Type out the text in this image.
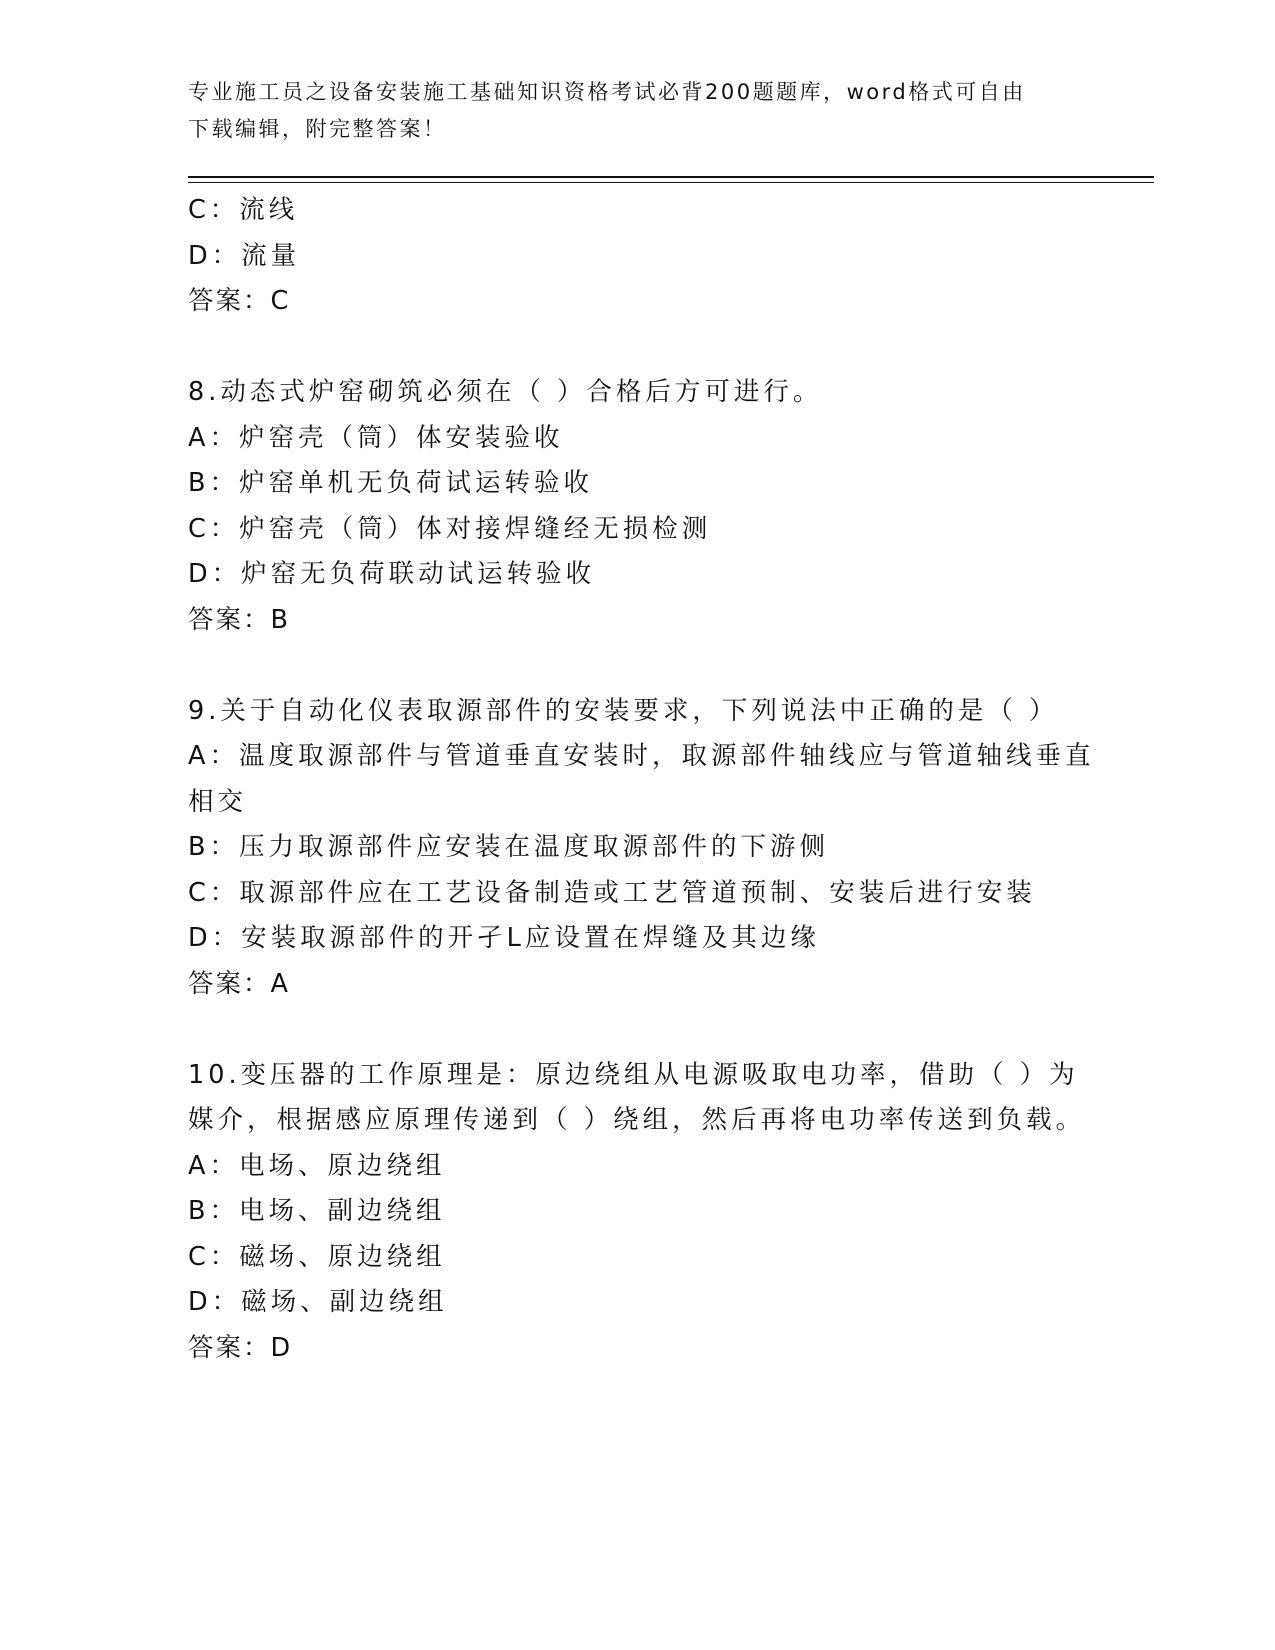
专业施工员之设备安装施工基础知识资格考试必背200题题库，word格式可自由

下载编辑，附完整答案！

C：流线

D：流量

答案：C

8.动态式炉窑砌筑必须在（ ）合格后方可进行。

A：炉窑壳（筒）体安装验收

B：炉窑单机无负荷试运转验收

C：炉窑壳（筒）体对接焊缝经无损检测

D：炉窑无负荷联动试运转验收

答案：B

9.关于自动化仪表取源部件的安装要求，下列说法中正确的是（ ）

A：温度取源部件与管道垂直安装时，取源部件轴线应与管道轴线垂直

相交

B：压力取源部件应安装在温度取源部件的下游侧

C：取源部件应在工艺设备制造或工艺管道预制、安装后进行安装

D：安装取源部件的开孑L应设置在焊缝及其边缘

答案：A

10.变压器的工作原理是：原边绕组从电源吸取电功率，借助（ ）为

媒介，根据感应原理传递到（ ）绕组，然后再将电功率传送到负载。

A：电场、原边绕组

B：电场、副边绕组

C：磁场、原边绕组

D：磁场、副边绕组

答案：D
